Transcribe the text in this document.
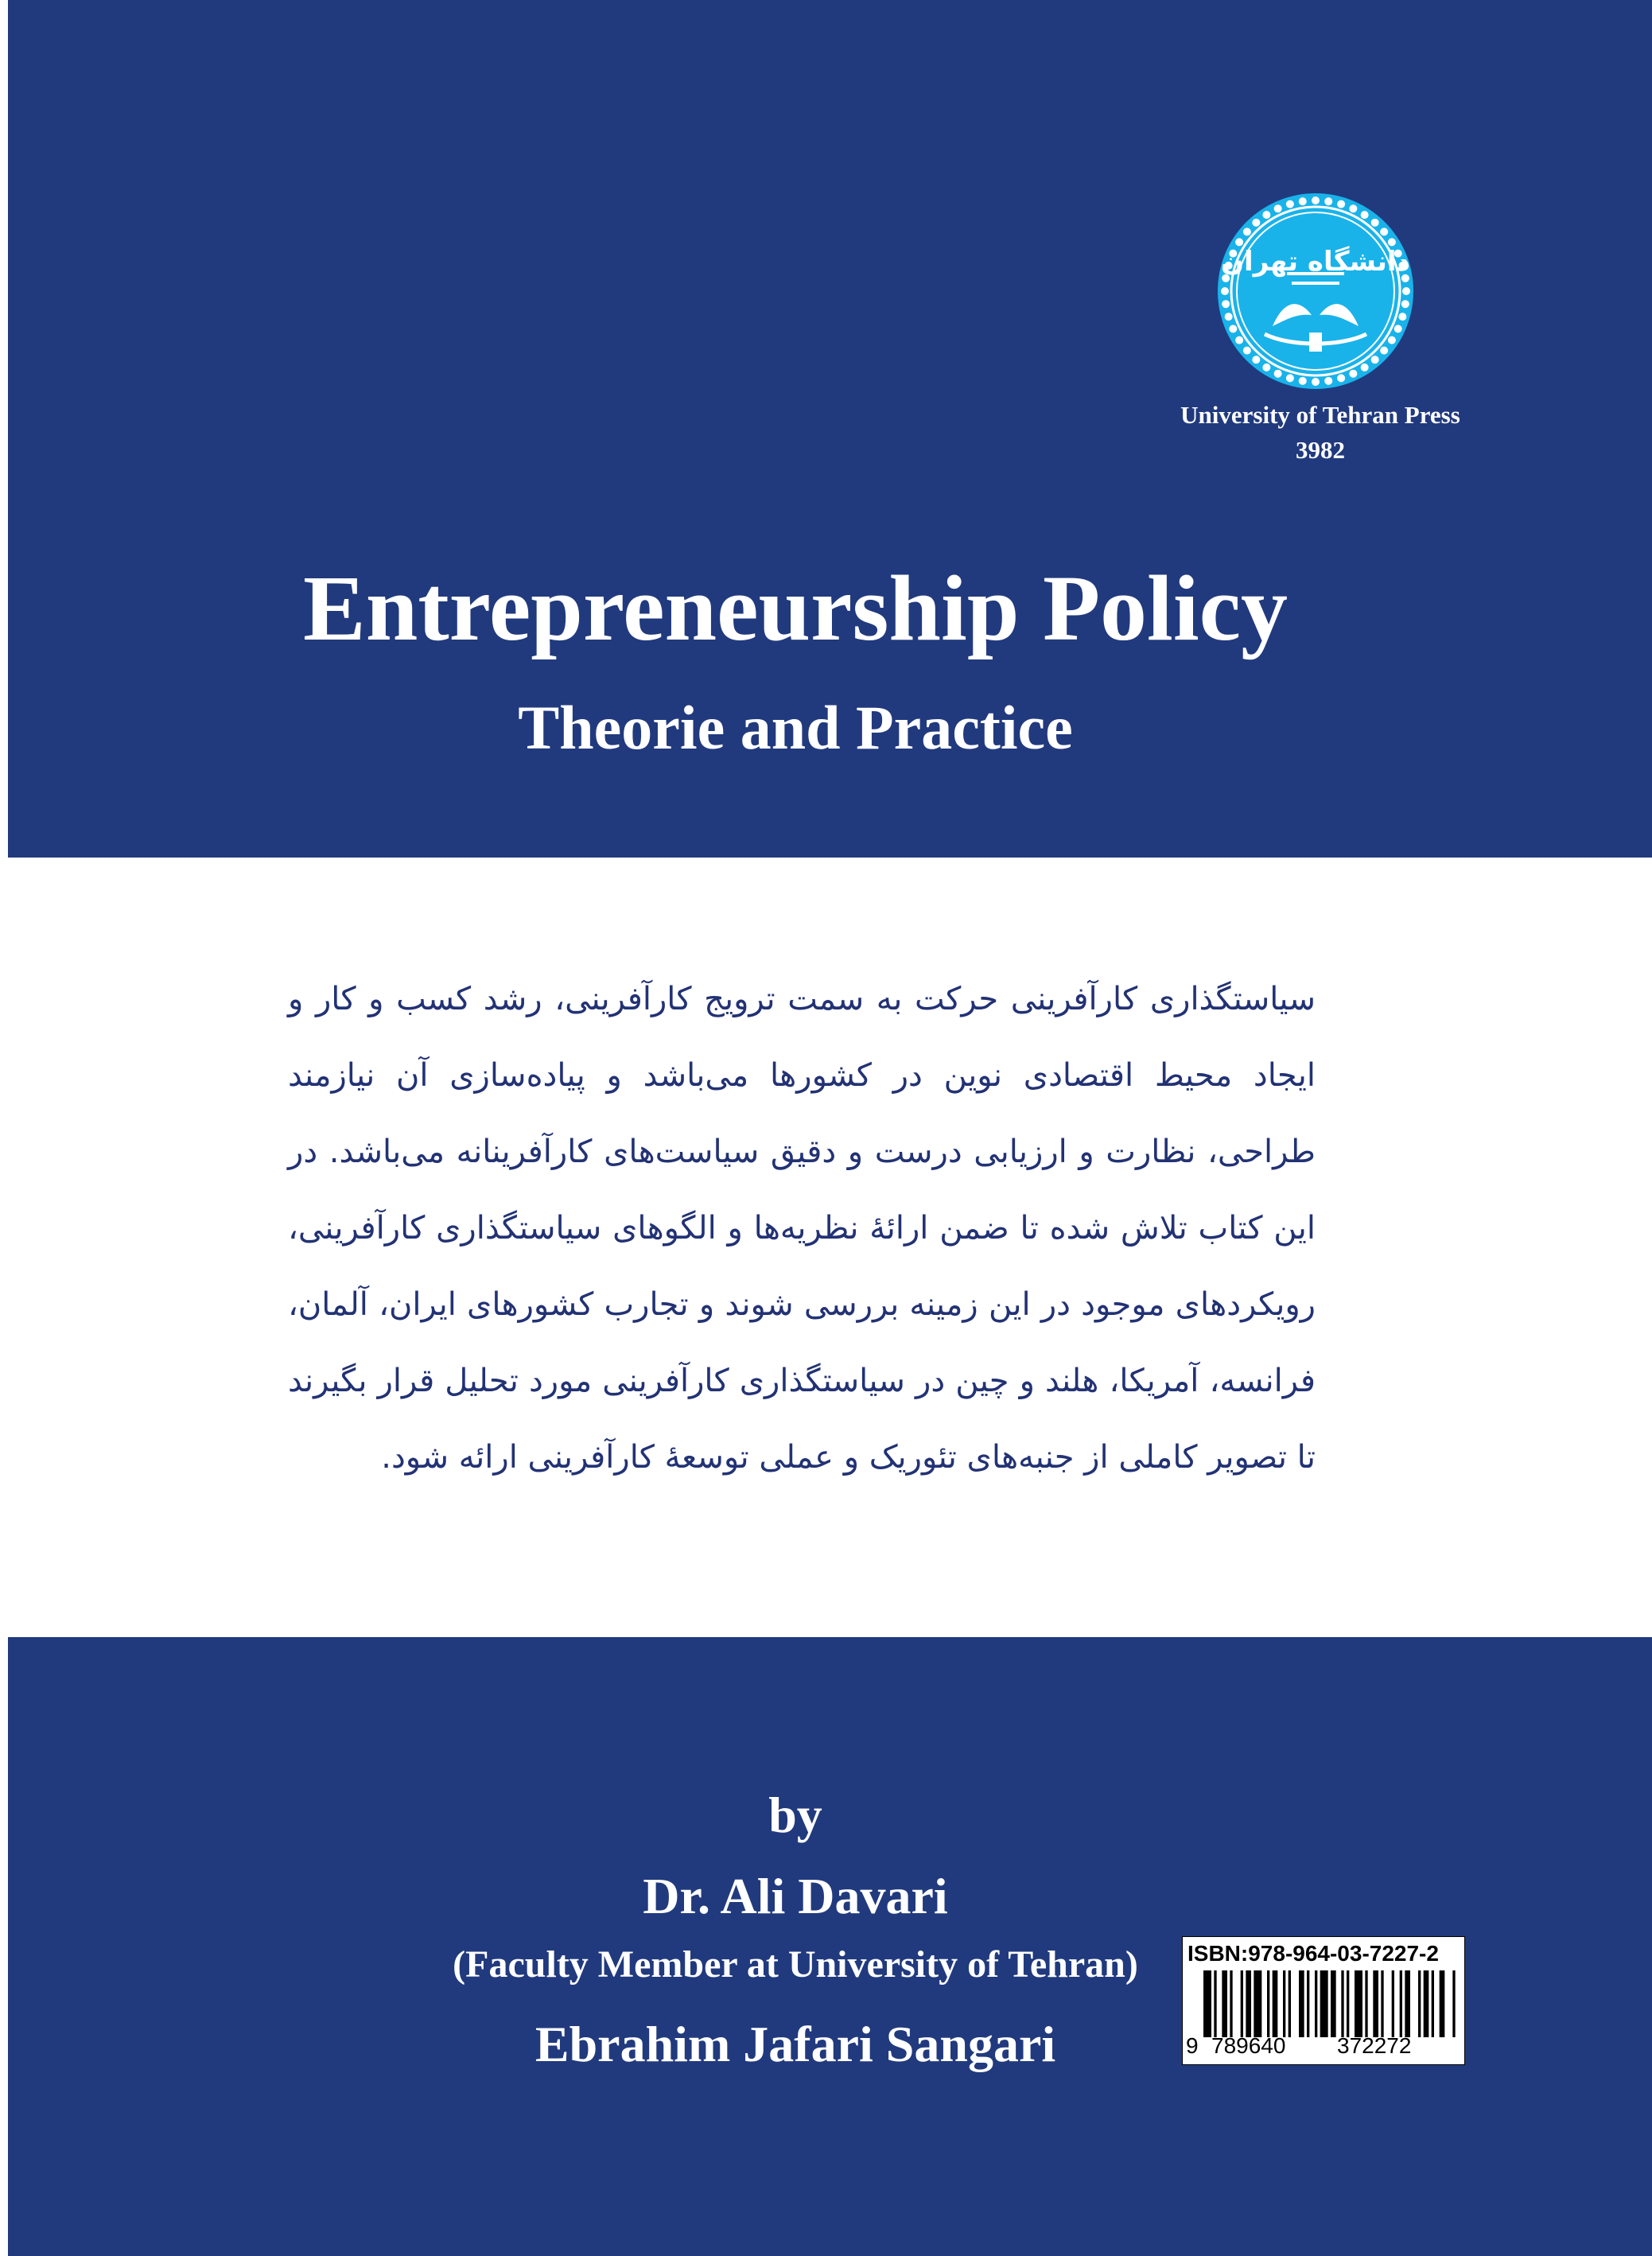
دانشگاه تهران
University of Tehran Press
3982
Entrepreneurship Policy
Theorie and Practice

سیاستگذاری کارآفرینی حرکت به سمت ترویج کارآفرینی، رشد کسب و کار و ایجاد محیط اقتصادی نوین در کشورها می‌باشد و پیاده‌سازی آن نیازمند طراحی، نظارت و ارزیابی درست و دقیق سیاست‌های کارآفرینانه می‌باشد. در این کتاب تلاش شده تا ضمن ارائۀ نظریه‌ها و الگوهای سیاستگذاری کارآفرینی، رویکردهای موجود در این زمینه بررسی شوند و تجارب کشورهای ایران، آلمان، فرانسه، آمریکا، هلند و چین در سیاستگذاری کارآفرینی مورد تحلیل قرار بگیرند تا تصویر کاملی از جنبه‌های تئوریک و عملی توسعۀ کارآفرینی ارائه شود.

by
Dr. Ali Davari
(Faculty Member at University of Tehran)
Ebrahim Jafari Sangari
ISBN:978-964-03-7227-2
9 789640 372272
